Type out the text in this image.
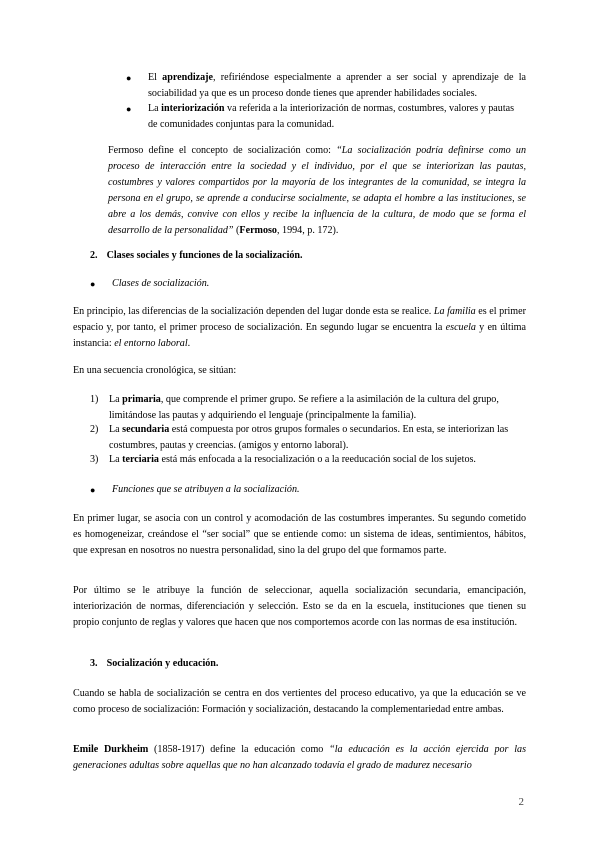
● El aprendizaje, refiriéndose especialmente a aprender a ser social y aprendizaje de la sociabilidad ya que es un proceso donde tienes que aprender habilidades sociales.
● La interiorización va referida a la interiorización de normas, costumbres, valores y pautas de comunidades conjuntas para la comunidad.

Fermoso define el concepto de socialización como: “La socialización podría definirse como un proceso de interacción entre la sociedad y el individuo, por el que se interiorizan las pautas, costumbres y valores compartidos por la mayoría de los integrantes de la comunidad, se integra la persona en el grupo, se aprende a conducirse socialmente, se adapta el hombre a las instituciones, se abre a los demás, convive con ellos y recibe la influencia de la cultura, de modo que se forma el desarrollo de la personalidad” (Fermoso, 1994, p. 172).

2. Clases sociales y funciones de la socialización.
● Clases de socialización.

En principio, las diferencias de la socialización dependen del lugar donde esta se realice. La familia es el primer espacio y, por tanto, el primer proceso de socialización. En segundo lugar se encuentra la escuela y en última instancia: el entorno laboral.

En una secuencia cronológica, se sitúan:

1) La primaria, que comprende el primer grupo. Se refiere a la asimilación de la cultura del grupo, limitándose las pautas y adquiriendo el lenguaje (principalmente la familia).
2) La secundaria está compuesta por otros grupos formales o secundarios. En esta, se interiorizan las costumbres, pautas y creencias. (amigos y entorno laboral).
3) La terciaria está más enfocada a la resocialización o a la reeducación social de los sujetos.
● Funciones que se atribuyen a la socialización.

En primer lugar, se asocia con un control y acomodación de las costumbres imperantes. Su segundo cometido es homogeneizar, creándose el “ser social” que se entiende como: un sistema de ideas, sentimientos, hábitos, que expresan en nosotros no nuestra personalidad, sino la del grupo del que formamos parte.

Por último se le atribuye la función de seleccionar, aquella socialización secundaria, emancipación, interiorización de normas, diferenciación y selección. Esto se da en la escuela, instituciones que tienen su propio conjunto de reglas y valores que hacen que nos comportemos acorde con las normas de esa institución.

3. Socialización y educación.

Cuando se habla de socialización se centra en dos vertientes del proceso educativo, ya que la educación se ve como proceso de socialización: Formación y socialización, destacando la complementariedad entre ambas.

Emile Durkheim (1858-1917) define la educación como “la educación es la acción ejercida por las generaciones adultas sobre aquellas que no han alcanzado todavía el grado de madurez necesario

2
